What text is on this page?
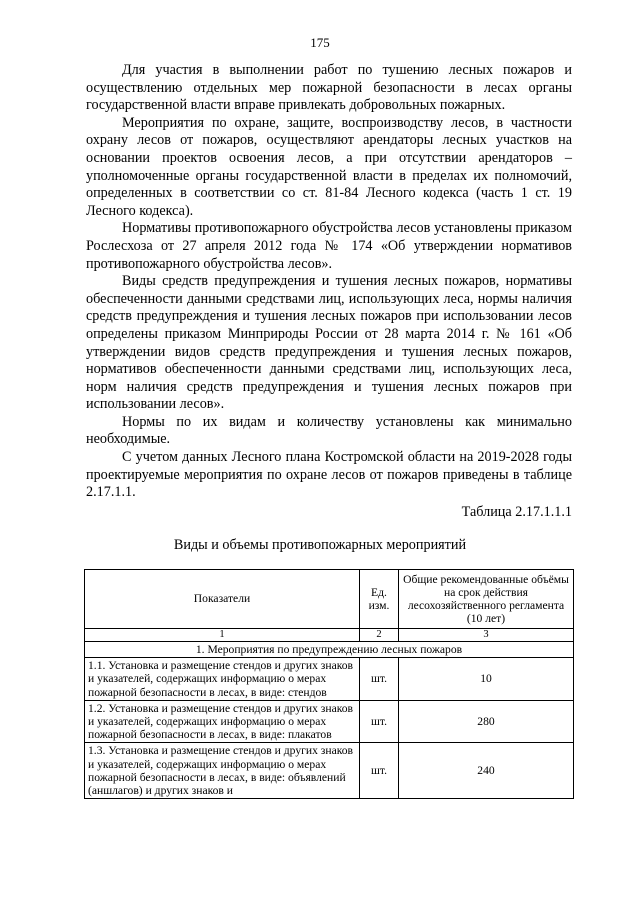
175

Для участия в выполнении работ по тушению лесных пожаров и осуществлению отдельных мер пожарной безопасности в лесах органы государственной власти вправе привлекать добровольных пожарных.

Мероприятия по охране, защите, воспроизводству лесов, в частности охрану лесов от пожаров, осуществляют арендаторы лесных участков на основании проектов освоения лесов, а при отсутствии арендаторов – уполномоченные органы государственной власти в пределах их полномочий, определенных в соответствии со ст. 81-84 Лесного кодекса (часть 1 ст. 19 Лесного кодекса).

Нормативы противопожарного обустройства лесов установлены приказом Рослесхоза от 27 апреля 2012 года № 174 «Об утверждении нормативов противопожарного обустройства лесов».

Виды средств предупреждения и тушения лесных пожаров, нормативы обеспеченности данными средствами лиц, использующих леса, нормы наличия средств предупреждения и тушения лесных пожаров при использовании лесов определены приказом Минприроды России от 28 марта 2014 г. № 161 «Об утверждении видов средств предупреждения и тушения лесных пожаров, нормативов обеспеченности данными средствами лиц, использующих леса, норм наличия средств предупреждения и тушения лесных пожаров при использовании лесов».

Нормы по их видам и количеству установлены как минимально необходимые.

С учетом данных Лесного плана Костромской области на 2019-2028 годы проектируемые мероприятия по охране лесов от пожаров приведены в таблице 2.17.1.1.

Таблица 2.17.1.1.1
Виды и объемы противопожарных мероприятий
Показатели	Ед. изм.	Общие рекомендованные объёмы на срок действия лесохозяйственного регламента (10 лет)
1	2	3
1. Мероприятия по предупреждению лесных пожаров		
1.1. Установка и размещение стендов и других знаков и указателей, содержащих информацию о мерах пожарной безопасности в лесах, в виде: стендов	шт.	10
1.2. Установка и размещение стендов и других знаков и указателей, содержащих информацию о мерах пожарной безопасности в лесах, в виде: плакатов	шт.	280
1.3. Установка и размещение стендов и других знаков и указателей, содержащих информацию о мерах пожарной безопасности в лесах, в виде: объявлений (аншлагов) и других знаков и	шт.	240
